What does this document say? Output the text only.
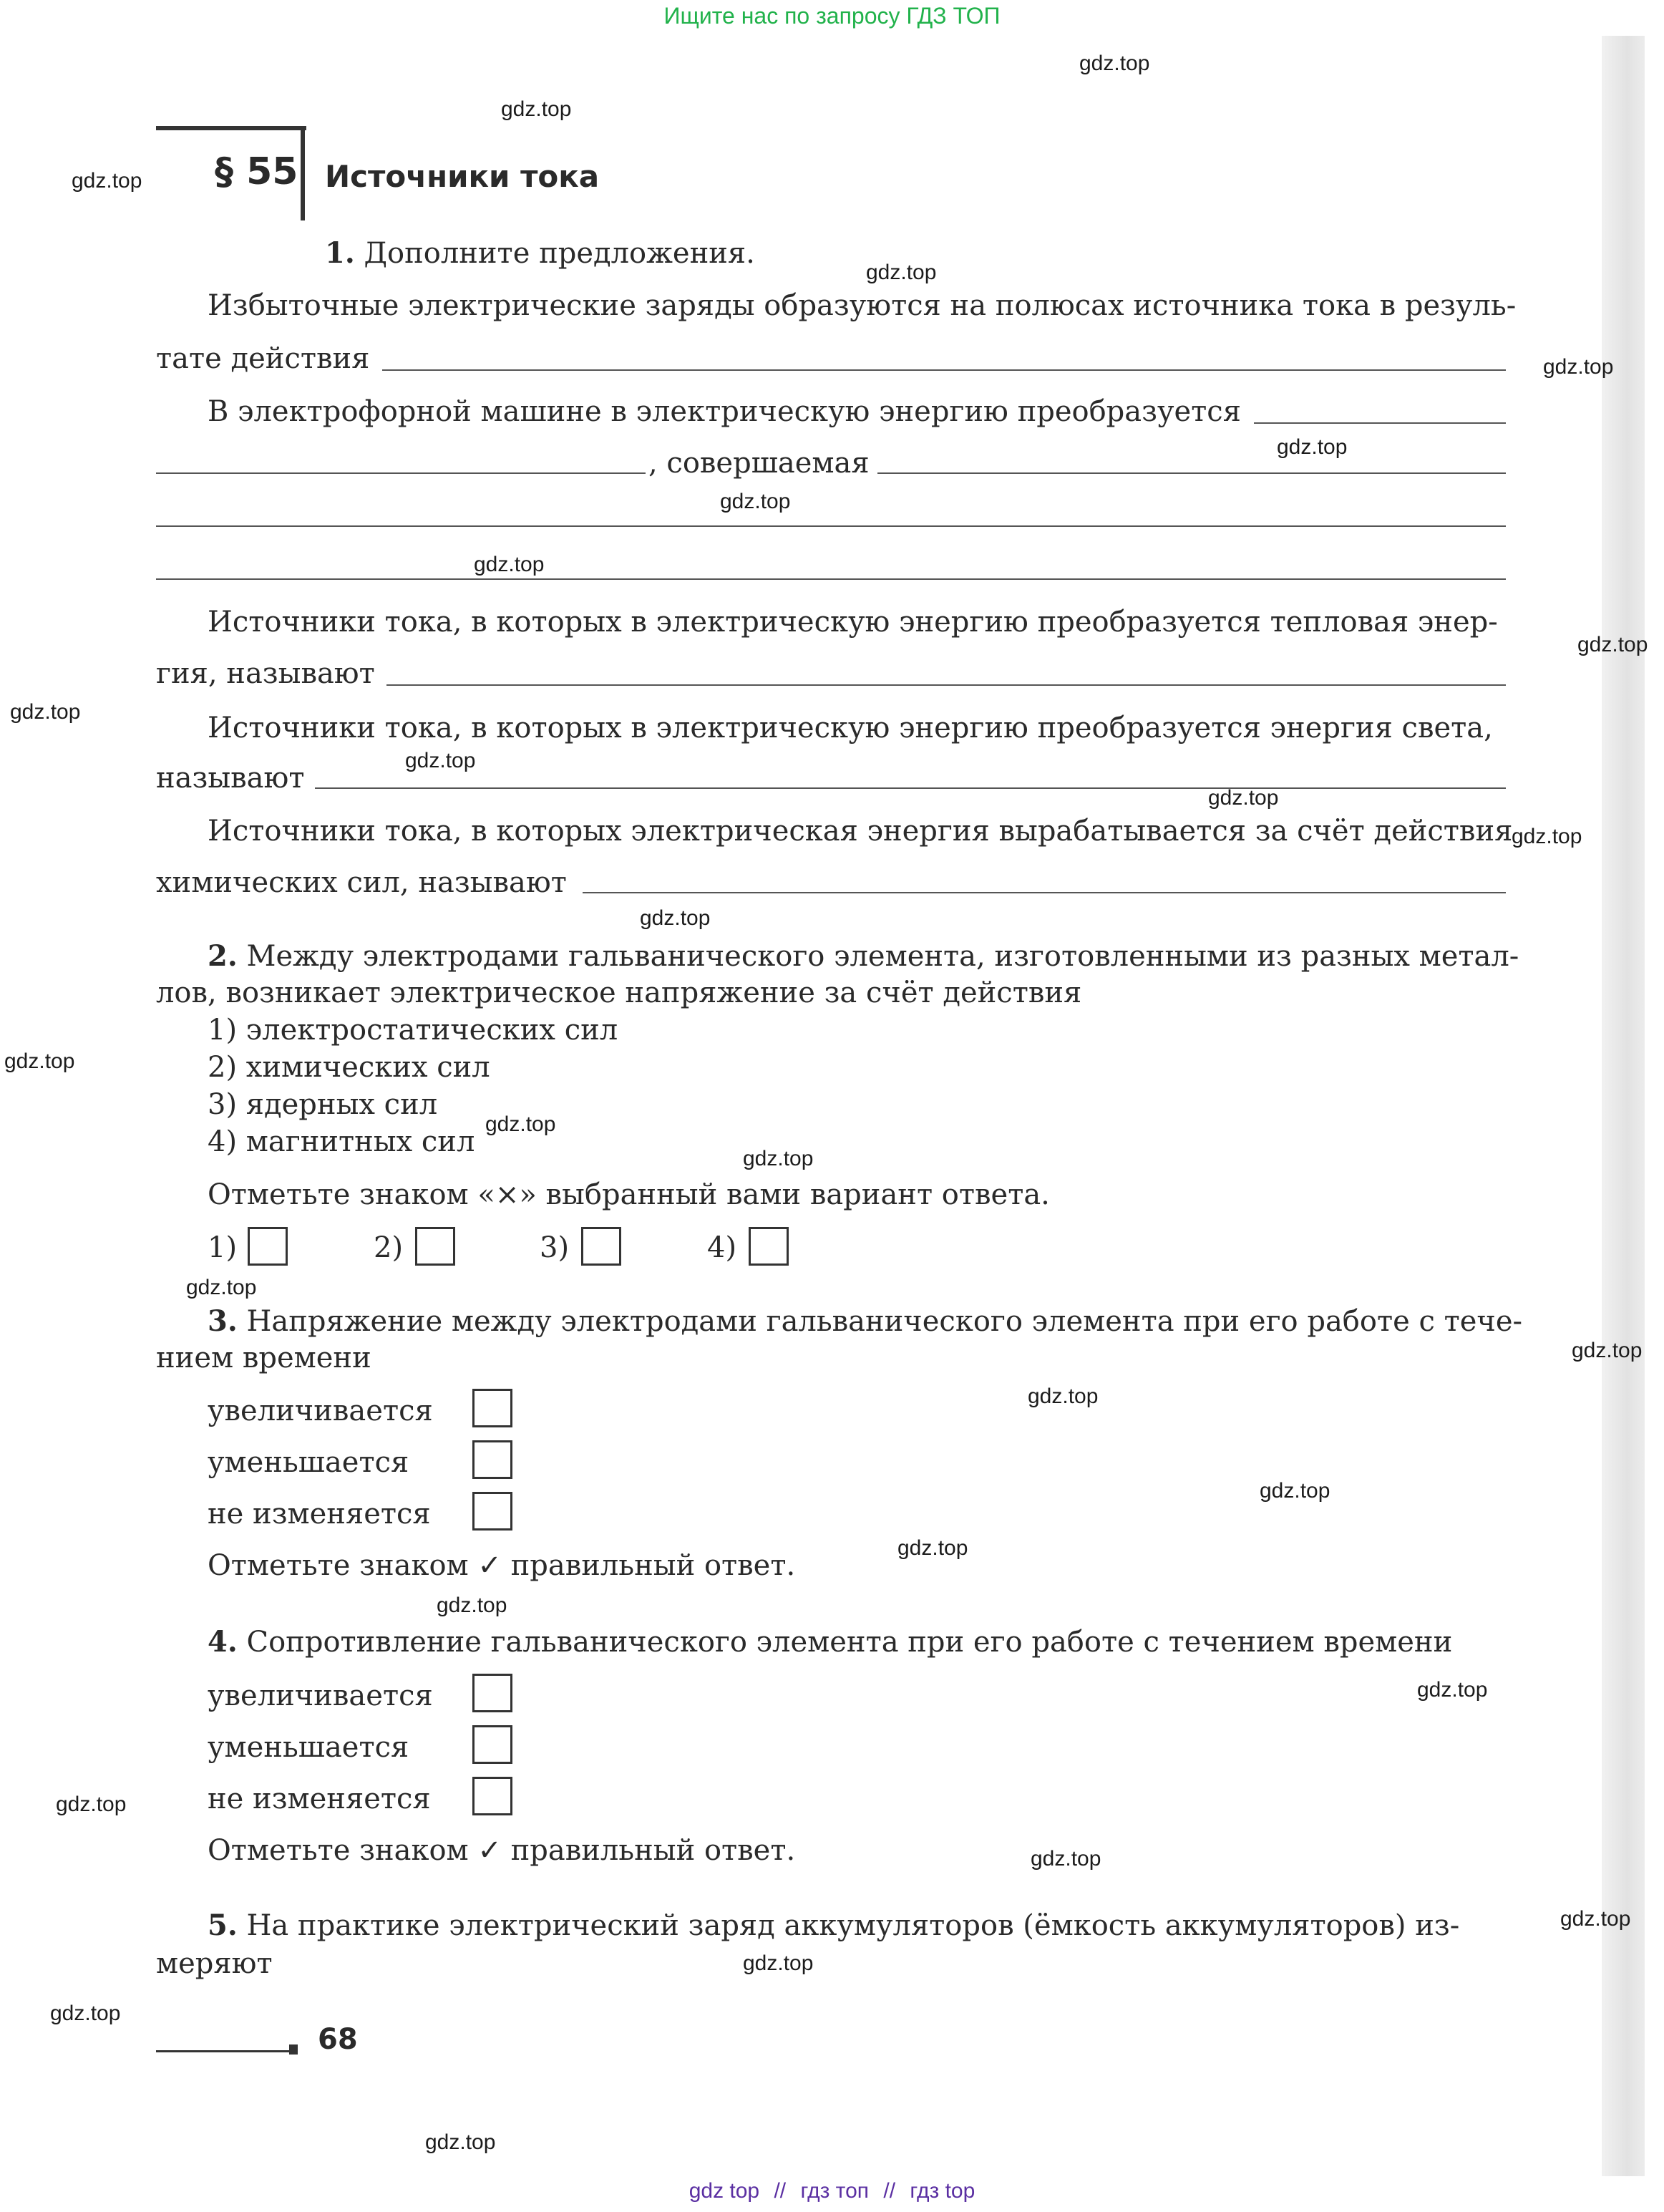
Ищите нас по запросу ГДЗ ТОП
§ 55 Источники тока
1. Дополните предложения.
Избыточные электрические заряды образуются на полюсах источника тока в резуль-
тате действия
В электрофорной машине в электрическую энергию преобразуется
, совершаемая
Источники тока, в которых в электрическую энергию преобразуется тепловая энер-
гия, называют
Источники тока, в которых в электрическую энергию преобразуется энергия света,
называют
Источники тока, в которых электрическая энергия вырабатывается за счёт действия
химических сил, называют
2. Между электродами гальванического элемента, изготовленными из разных метал-
лов, возникает электрическое напряжение за счёт действия
1) электростатических сил
2) химических сил
3) ядерных сил
4) магнитных сил
Отметьте знаком «×» выбранный вами вариант ответа.
1)	2)	3)	4)
3. Напряжение между электродами гальванического элемента при его работе с тече-
нием времени
увеличивается
уменьшается
не изменяется
Отметьте знаком ✓ правильный ответ.
4. Сопротивление гальванического элемента при его работе с течением времени
увеличивается
уменьшается
не изменяется
Отметьте знаком ✓ правильный ответ.
5. На практике электрический заряд аккумуляторов (ёмкость аккумуляторов) из-
меряют
68
gdz.top
gdz.top
gdz.top
gdz.top
gdz.top
gdz.top
gdz.top
gdz.top
gdz.top
gdz.top
gdz.top
gdz.top
gdz.top
gdz.top
gdz.top
gdz.top
gdz.top
gdz.top
gdz.top
gdz.top
gdz.top
gdz.top
gdz.top
gdz.top
gdz.top
gdz.top
gdz.top
gdz.top
gdz.top
gdz.top
gdz top // гдз топ // гдз top
